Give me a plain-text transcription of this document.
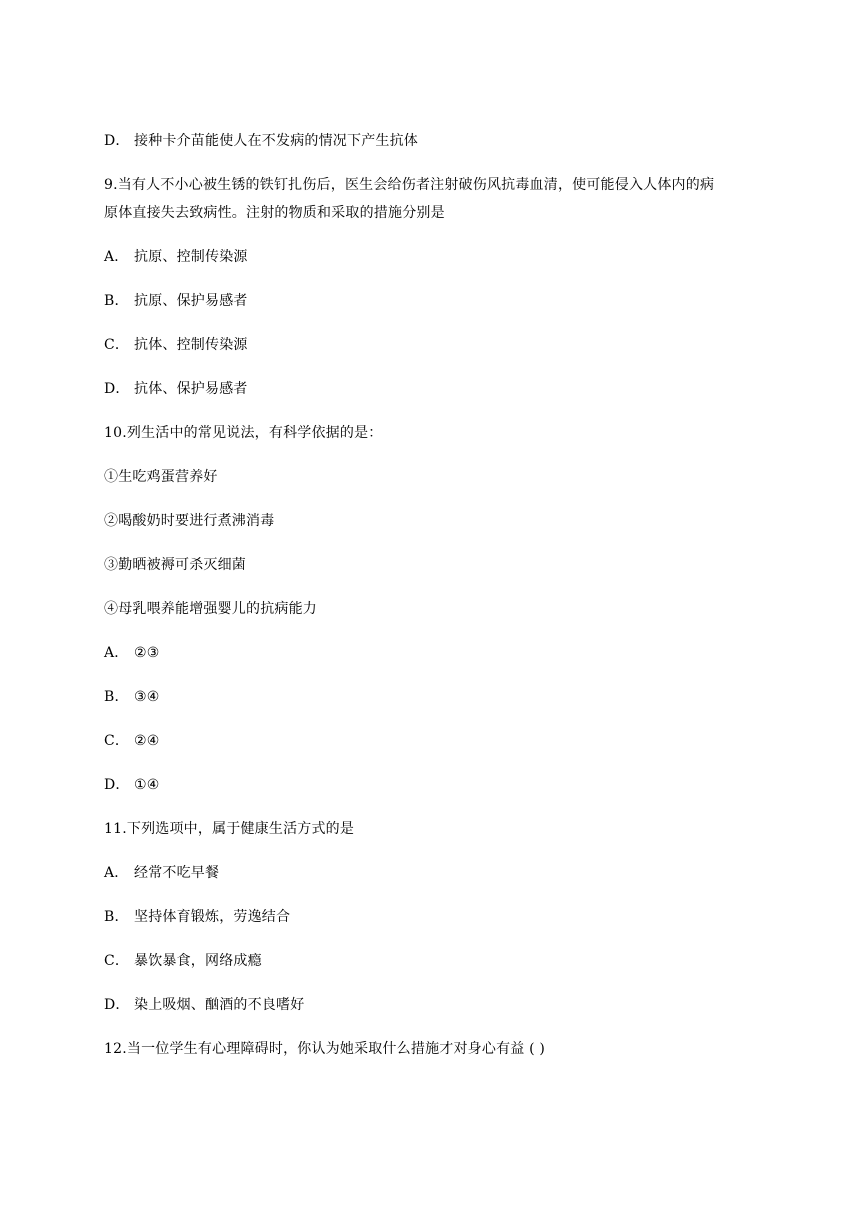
D． 接种卡介苗能使人在不发病的情况下产生抗体
9.当有人不小心被生锈的铁钉扎伤后，医生会给伤者注射破伤风抗毒血清，使可能侵入人体内的病
原体直接失去致病性。注射的物质和采取的措施分别是
A． 抗原、控制传染源
B． 抗原、保护易感者
C． 抗体、控制传染源
D． 抗体、保护易感者
10.列生活中的常见说法，有科学依据的是：
①生吃鸡蛋营养好
②喝酸奶时要进行煮沸消毒
③勤晒被褥可杀灭细菌
④母乳喂养能增强婴儿的抗病能力
A． ②③
B． ③④
C． ②④
D． ①④
11.下列选项中，属于健康生活方式的是
A． 经常不吃早餐
B． 坚持体育锻炼，劳逸结合
C． 暴饮暴食，网络成瘾
D． 染上吸烟、酗酒的不良嗜好
12.当一位学生有心理障碍时，你认为她采取什么措施才对身心有益 ( )
